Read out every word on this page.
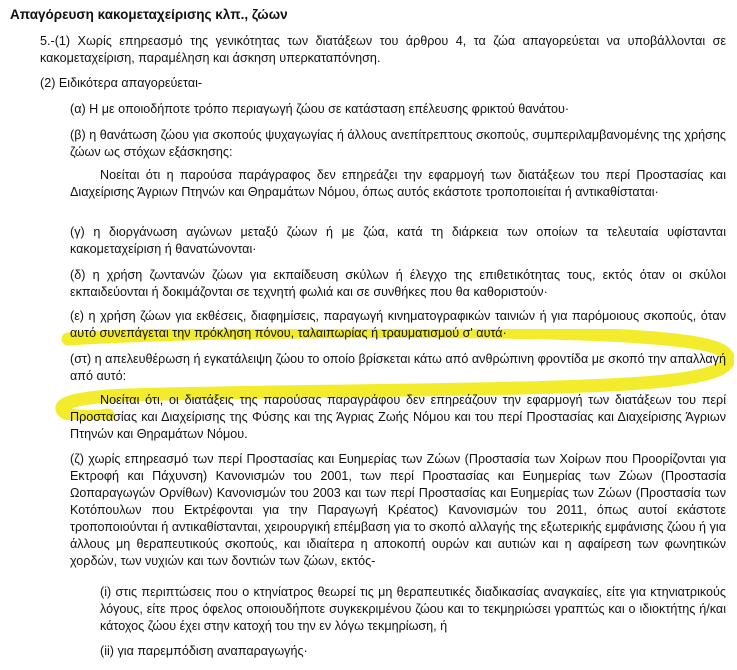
Απαγόρευση κακομεταχείρισης κλπ., ζώων

5.-(1) Χωρίς επηρεασμό της γενικότητας των διατάξεων του άρθρου 4, τα ζώα απαγορεύεται να υποβάλλονται σε κακομεταχείριση, παραμέληση και άσκηση υπερκαταπόνηση.

(2) Ειδικότερα απαγορεύεται-

(α) Η με οποιοδήποτε τρόπο περιαγωγή ζώου σε κατάσταση επέλευσης φρικτού θανάτου·

(β) η θανάτωση ζώου για σκοπούς ψυχαγωγίας ή άλλους ανεπίτρεπτους σκοπούς, συμπεριλαμβανομένης της χρήσης ζώων ως στόχων εξάσκησης:

Νοείται ότι η παρούσα παράγραφος δεν επηρεάζει την εφαρμογή των διατάξεων του περί Προστασίας και Διαχείρισης Άγριων Πτηνών και Θηραμάτων Νόμου, όπως αυτός εκάστοτε τροποποιείται ή αντικαθίσταται·

(γ) η διοργάνωση αγώνων μεταξύ ζώων ή με ζώα, κατά τη διάρκεια των οποίων τα τελευταία υφίστανται κακομεταχείριση ή θανατώνονται·

(δ) η χρήση ζωντανών ζώων για εκπαίδευση σκύλων ή έλεγχο της επιθετικότητας τους, εκτός όταν οι σκύλοι εκπαιδεύονται ή δοκιμάζονται σε τεχνητή φωλιά και σε συνθήκες που θα καθοριστούν·

(ε) η χρήση ζώων για εκθέσεις, διαφημίσεις, παραγωγή κινηματογραφικών ταινιών ή για παρόμοιους σκοπούς, όταν αυτό συνεπάγεται την πρόκληση πόνου, ταλαιπωρίας ή τραυματισμού σ' αυτά·

(στ) η απελευθέρωση ή εγκατάλειψη ζώου το οποίο βρίσκεται κάτω από ανθρώπινη φροντίδα με σκοπό την απαλλαγή από αυτό:

Νοείται ότι, οι διατάξεις της παρούσας παραγράφου δεν επηρεάζουν την εφαρμογή των διατάξεων του περί Προστασίας και Διαχείρισης της Φύσης και της Άγριας Ζωής Νόμου και του περί Προστασίας και Διαχείρισης Άγριων Πτηνών και Θηραμάτων Νόμου.

(ζ) χωρίς επηρεασμό των περί Προστασίας και Ευημερίας των Ζώων (Προστασία των Χοίρων που Προορίζονται για Εκτροφή και Πάχυνση) Κανονισμών του 2001, των περί Προστασίας και Ευημερίας των Ζώων (Προστασία Ωοπαραγωγών Ορνίθων) Κανονισμών του 2003 και των περί Προστασίας και Ευημερίας των Ζώων (Προστασία των Κοτόπουλων που Εκτρέφονται για την Παραγωγή Κρέατος) Κανονισμών του 2011, όπως αυτοί εκάστοτε τροποποιούνται ή αντικαθίστανται, χειρουργική επέμβαση για το σκοπό αλλαγής της εξωτερικής εμφάνισης ζώου ή για άλλους μη θεραπευτικούς σκοπούς, και ιδιαίτερα η αποκοπή ουρών και αυτιών και η αφαίρεση των φωνητικών χορδών, των νυχιών και των δοντιών των ζώων, εκτός-

(i) στις περιπτώσεις που ο κτηνίατρος θεωρεί τις μη θεραπευτικές διαδικασίας αναγκαίες, είτε για κτηνιατρικούς λόγους, είτε προς όφελος οποιουδήποτε συγκεκριμένου ζώου και το τεκμηριώσει γραπτώς και ο ιδιοκτήτης ή/και κάτοχος ζώου έχει στην κατοχή του την εν λόγω τεκμηρίωση, ή

(ii) για παρεμπόδιση αναπαραγωγής·
